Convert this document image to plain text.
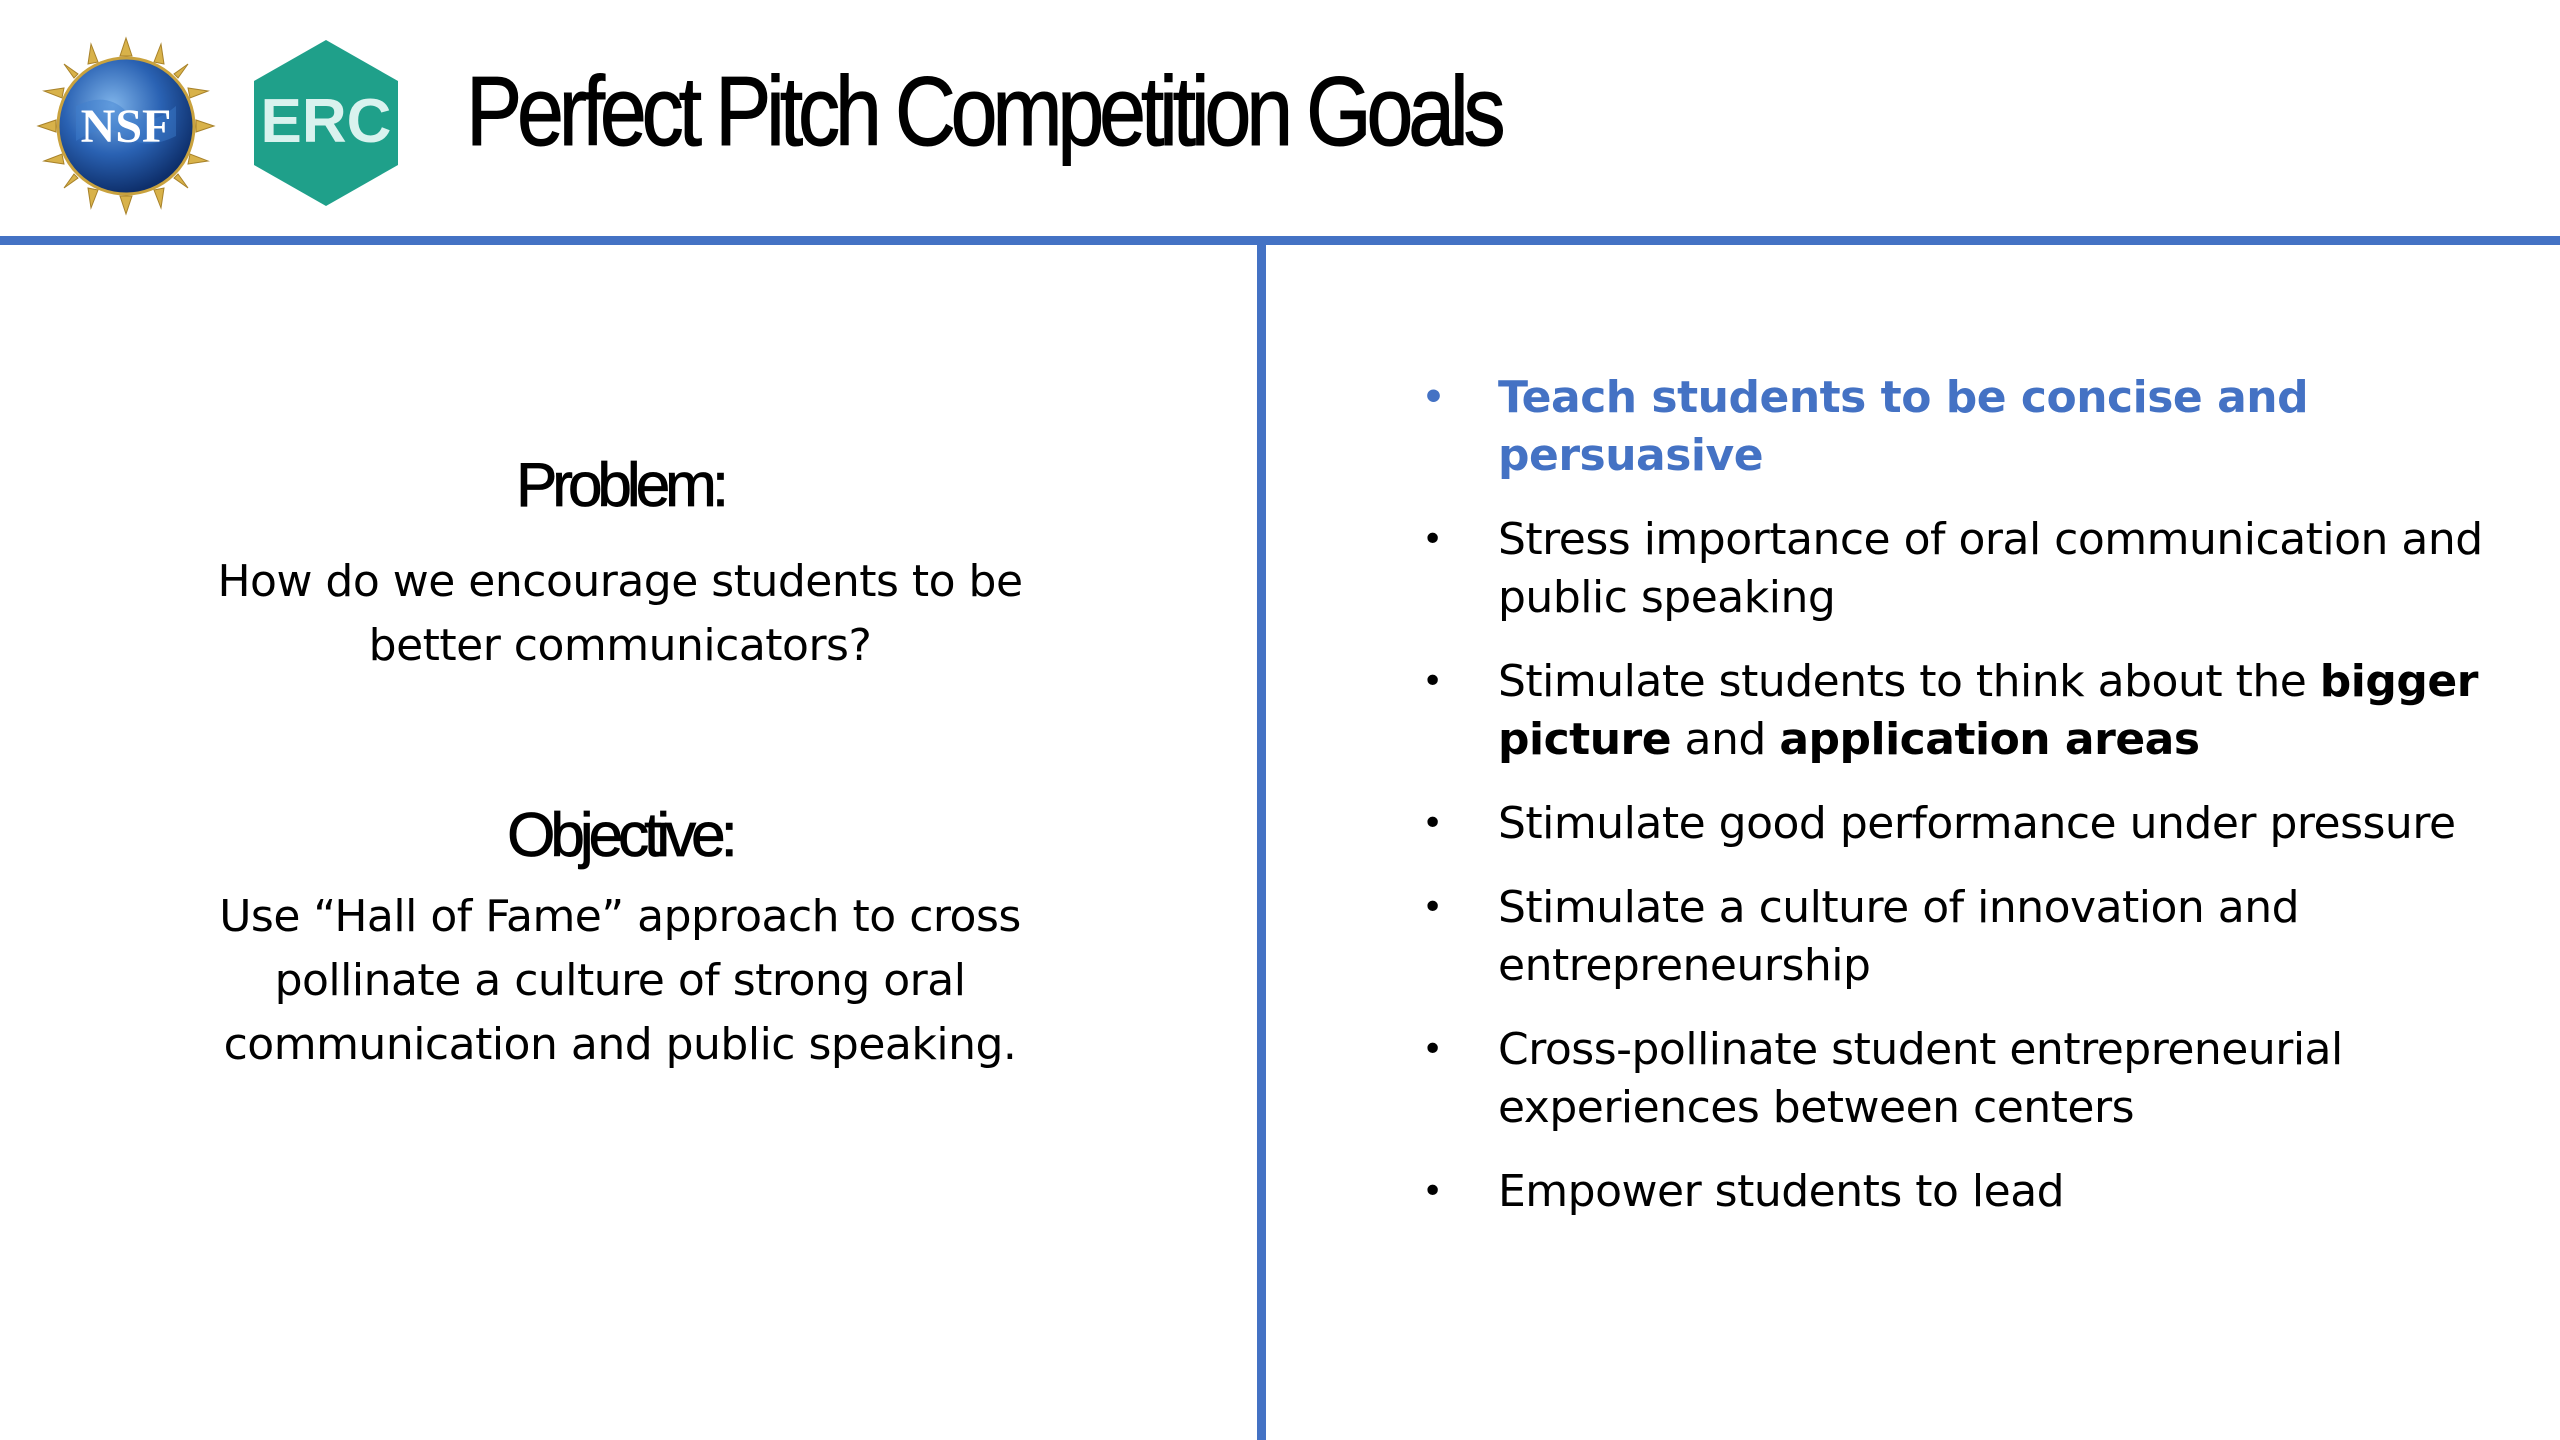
NSF ERC Perfect Pitch Competition Goals
Problem:
How do we encourage students to be better communicators?
Objective:
Use “Hall of Fame” approach to cross pollinate a culture of strong oral communication and public speaking.
• Teach students to be concise and persuasive
• Stress importance of oral communication and public speaking
• Stimulate students to think about the bigger picture and application areas
• Stimulate good performance under pressure
• Stimulate a culture of innovation and entrepreneurship
• Cross-pollinate student entrepreneurial experiences between centers
• Empower students to lead
